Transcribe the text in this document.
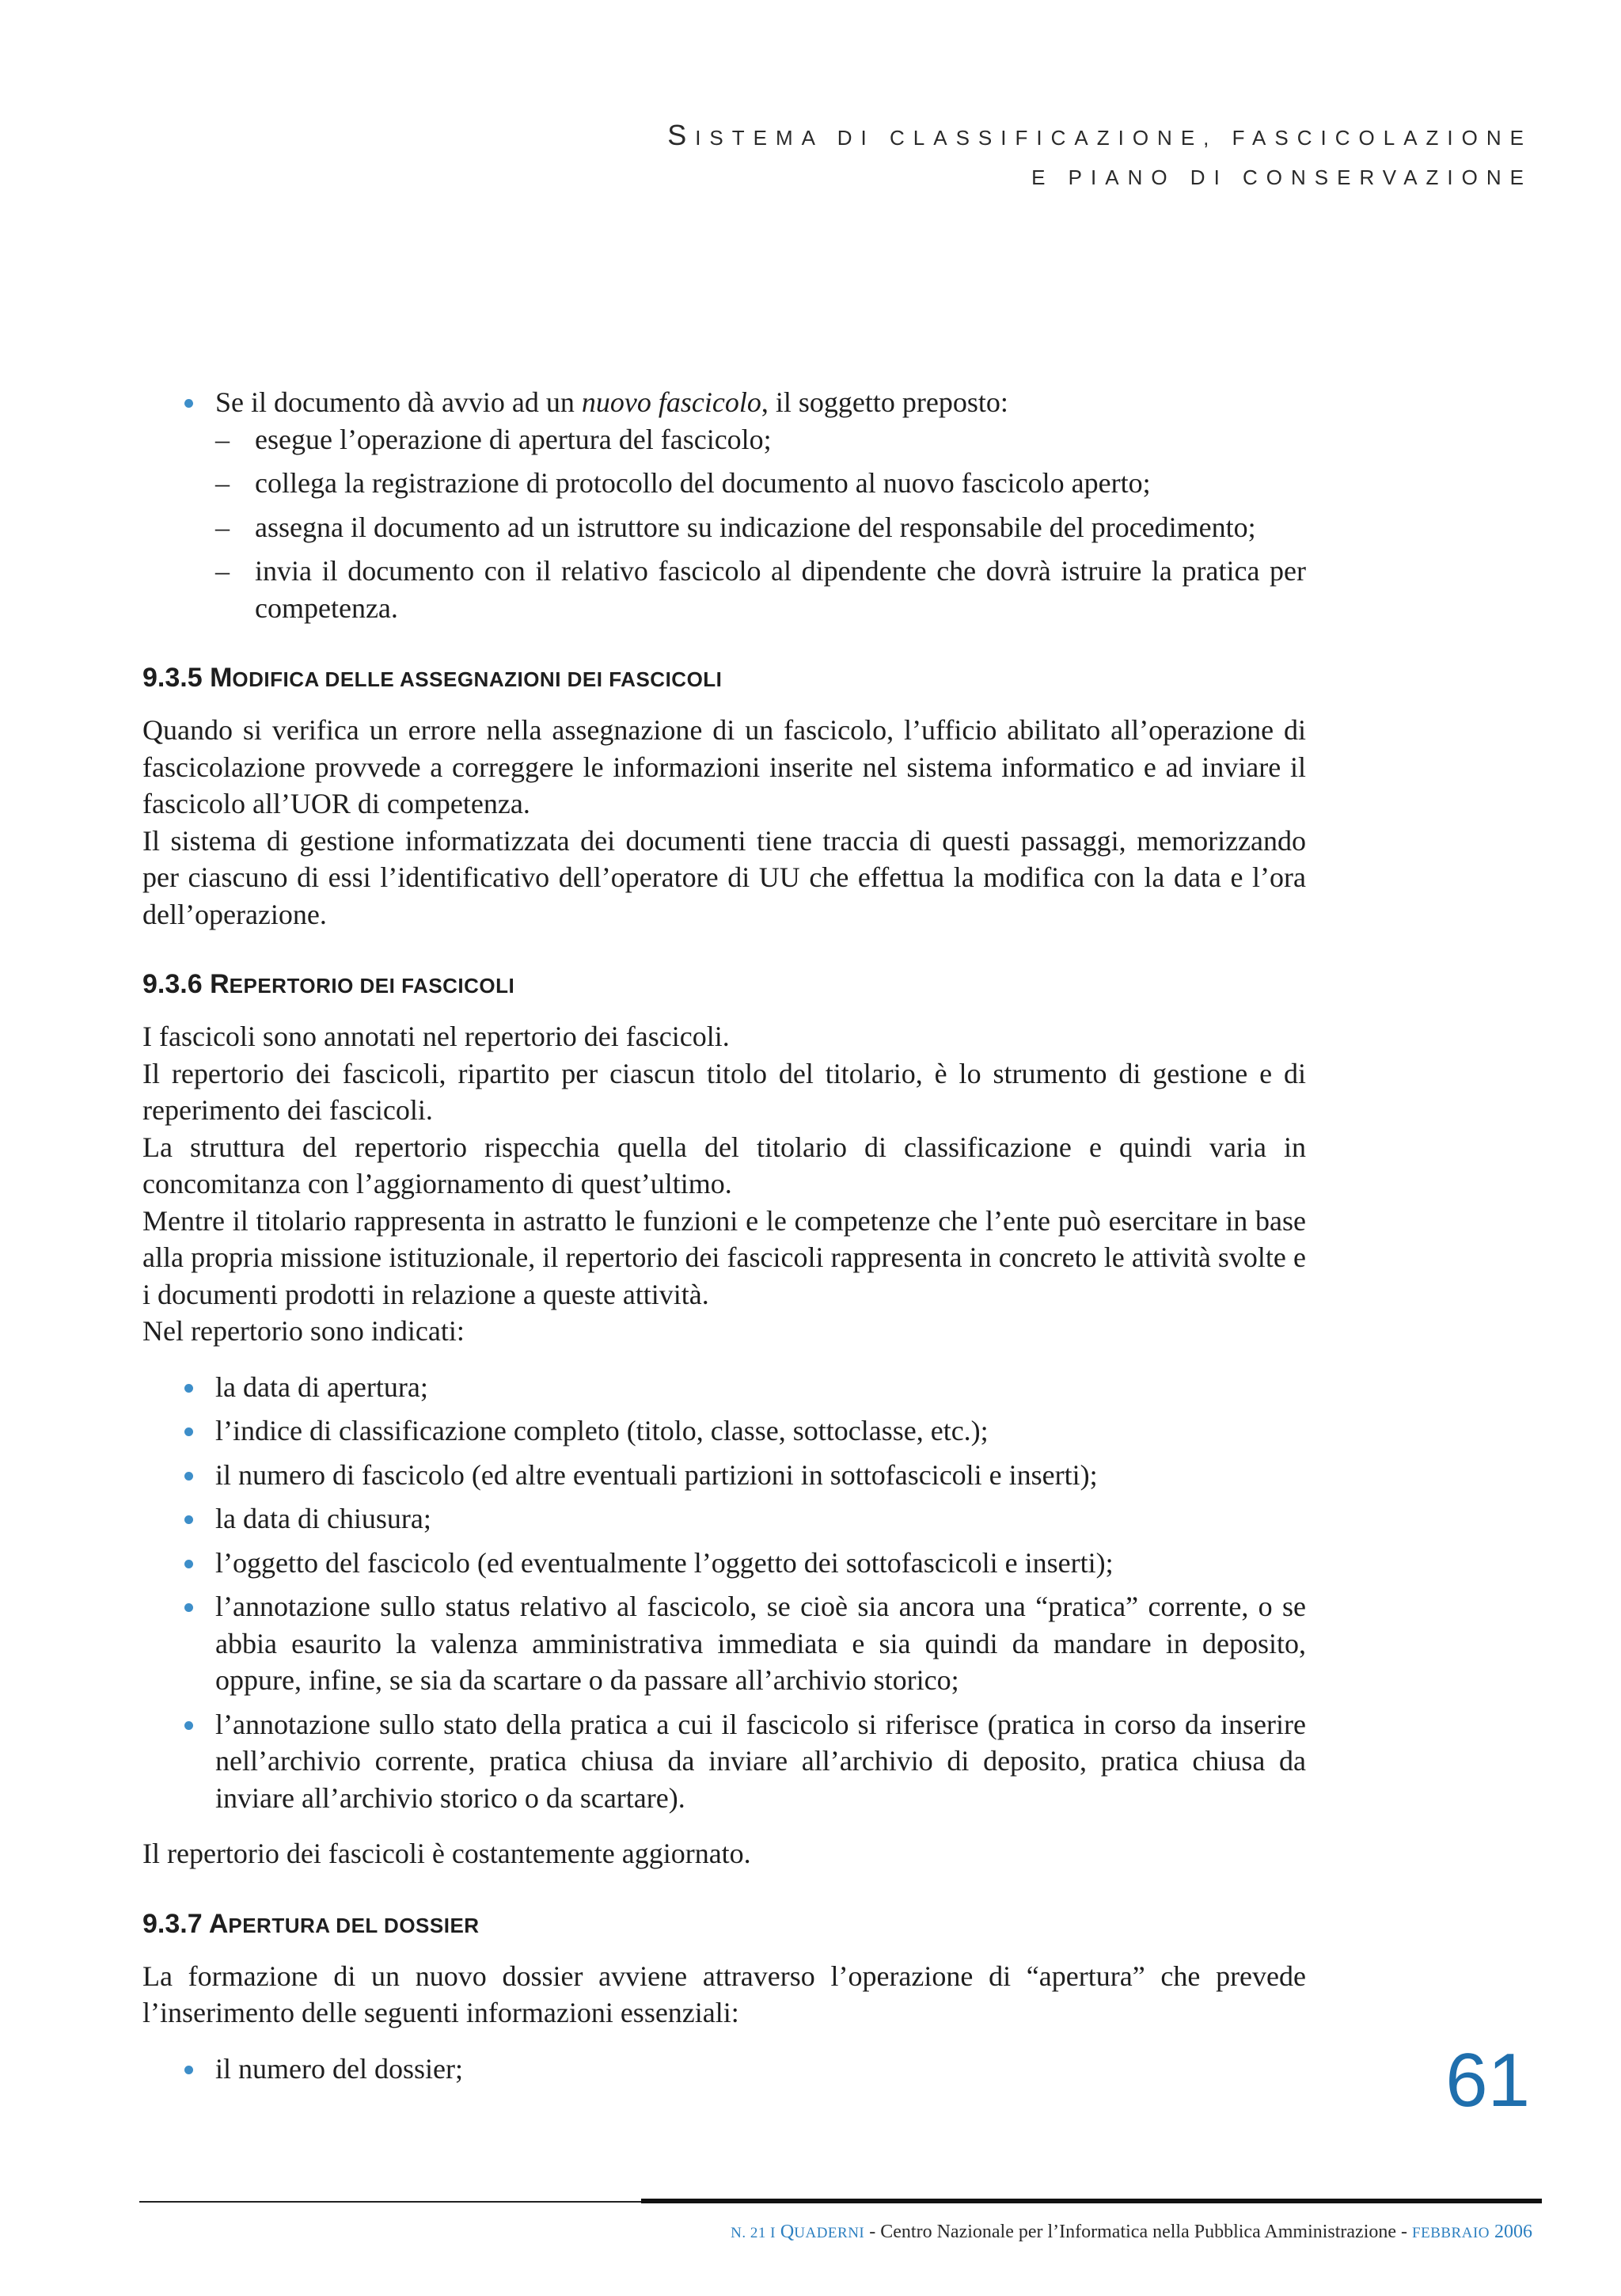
SISTEMA DI CLASSIFICAZIONE, FASCICOLAZIONE
E PIANO DI CONSERVAZIONE
Se il documento dà avvio ad un nuovo fascicolo, il soggetto preposto:
– esegue l’operazione di apertura del fascicolo;
– collega la registrazione di protocollo del documento al nuovo fascicolo aperto;
– assegna il documento ad un istruttore su indicazione del responsabile del procedimento;
– invia il documento con il relativo fascicolo al dipendente che dovrà istruire la pratica per competenza.
9.3.5 MODIFICA DELLE ASSEGNAZIONI DEI FASCICOLI

Quando si verifica un errore nella assegnazione di un fascicolo, l’ufficio abilitato all’operazione di fascicolazione provvede a correggere le informazioni inserite nel sistema informatico e ad inviare il fascicolo all’UOR di competenza.

Il sistema di gestione informatizzata dei documenti tiene traccia di questi passaggi, memorizzando per ciascuno di essi l’identificativo dell’operatore di UU che effettua la modifica con la data e l’ora dell’operazione.

9.3.6 REPERTORIO DEI FASCICOLI

I fascicoli sono annotati nel repertorio dei fascicoli.

Il repertorio dei fascicoli, ripartito per ciascun titolo del titolario, è lo strumento di gestione e di reperimento dei fascicoli.

La struttura del repertorio rispecchia quella del titolario di classificazione e quindi varia in concomitanza con l’aggiornamento di quest’ultimo.

Mentre il titolario rappresenta in astratto le funzioni e le competenze che l’ente può esercitare in base alla propria missione istituzionale, il repertorio dei fascicoli rappresenta in concreto le attività svolte e i documenti prodotti in relazione a queste attività.

Nel repertorio sono indicati:

la data di apertura;
l’indice di classificazione completo (titolo, classe, sottoclasse, etc.);
il numero di fascicolo (ed altre eventuali partizioni in sottofascicoli e inserti);
la data di chiusura;
l’oggetto del fascicolo (ed eventualmente l’oggetto dei sottofascicoli e inserti);
l’annotazione sullo status relativo al fascicolo, se cioè sia ancora una “pratica” corrente, o se abbia esaurito la valenza amministrativa immediata e sia quindi da mandare in deposito, oppure, infine, se sia da scartare o da passare all’archivio storico;
l’annotazione sullo stato della pratica a cui il fascicolo si riferisce (pratica in corso da inserire nell’archivio corrente, pratica chiusa da inviare all’archivio di deposito, pratica chiusa da inviare all’archivio storico o da scartare).

Il repertorio dei fascicoli è costantemente aggiornato.

9.3.7 APERTURA DEL DOSSIER

La formazione di un nuovo dossier avviene attraverso l’operazione di “apertura” che prevede l’inserimento delle seguenti informazioni essenziali:

il numero del dossier;	61
N. 21 I QUADERNI - Centro Nazionale per l’Informatica nella Pubblica Amministrazione - FEBBRAIO 2006
